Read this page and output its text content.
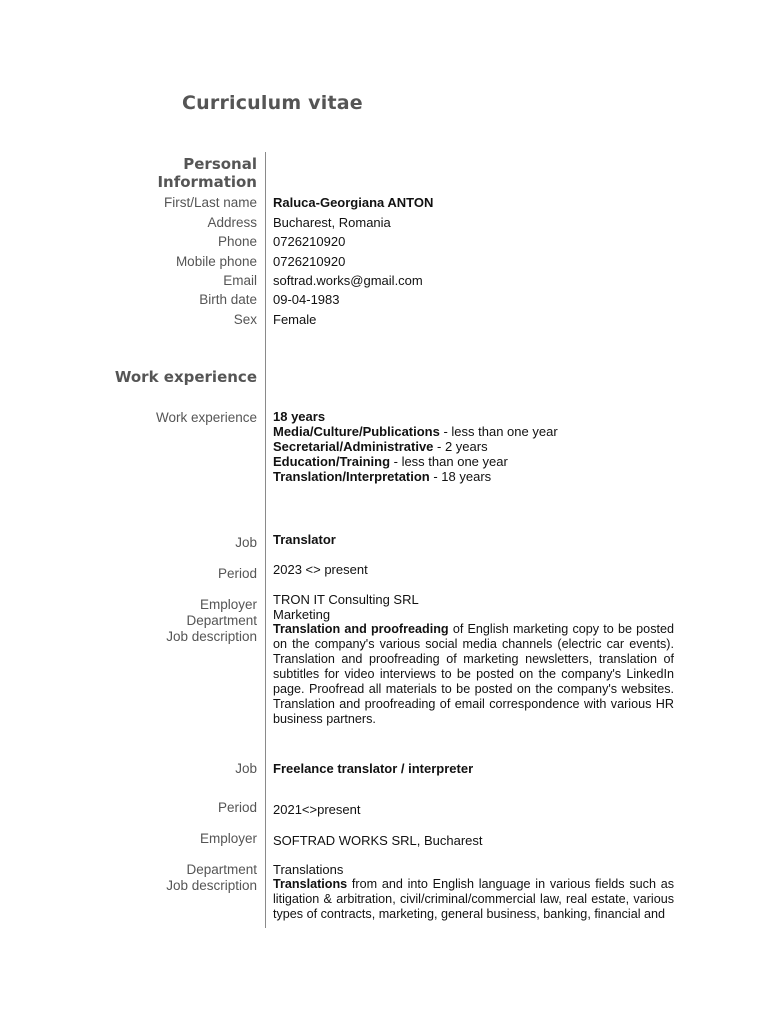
Curriculum vitae
Personal
Information
First/Last name Raluca-Georgiana ANTON
Address Bucharest, Romania
Phone 0726210920
Mobile phone 0726210920
Email softrad.works@gmail.com
Birth date 09-04-1983
Sex Female
Work experience
Work experience 18 years
Media/Culture/Publications - less than one year
Secretarial/Administrative - 2 years
Education/Training - less than one year
Translation/Interpretation - 18 years
Job Translator
Period 2023 <> present
Employer TRON IT Consulting SRL
Department Marketing
Job description Translation and proofreading of English marketing copy to be posted on the company's various social media channels (electric car events). Translation and proofreading of marketing newsletters, translation of subtitles for video interviews to be posted on the company's LinkedIn page. Proofread all materials to be posted on the company's websites. Translation and proofreading of email correspondence with various HR business partners.
Job Freelance translator / interpreter
Period 2021<>present
Employer SOFTRAD WORKS SRL, Bucharest
Department Translations
Job description Translations from and into English language in various fields such as litigation & arbitration, civil/criminal/commercial law, real estate, various types of contracts, marketing, general business, banking, financial and
